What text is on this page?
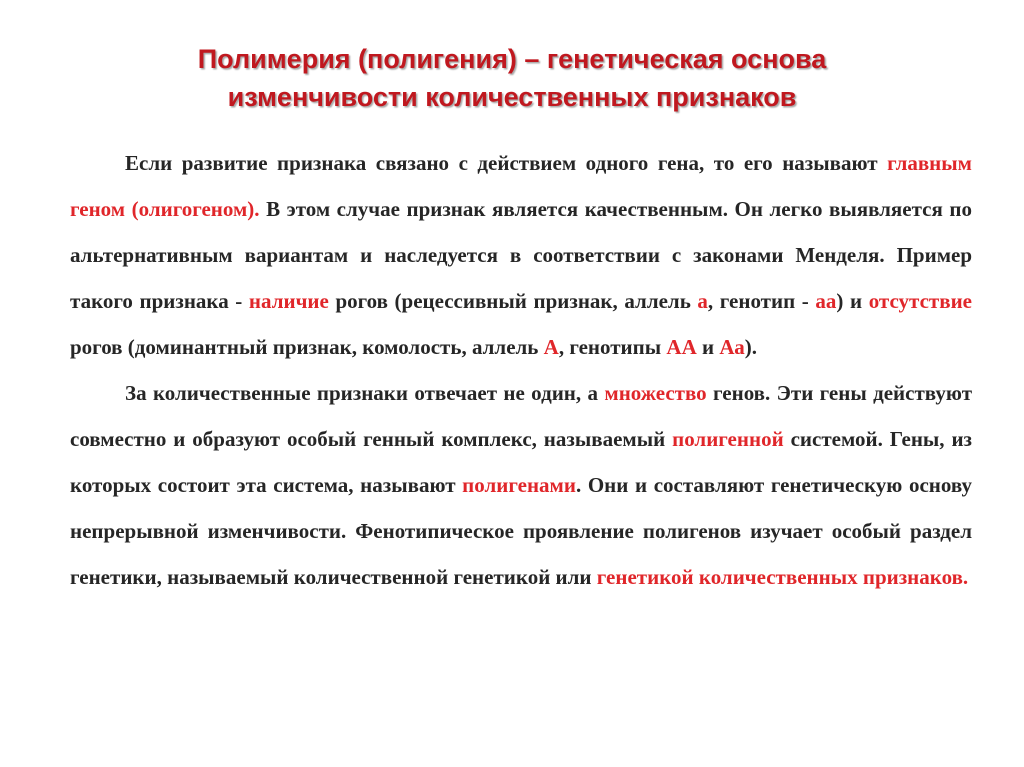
Полимерия (полигения) – генетическая основа
изменчивости количественных признаков

Если развитие признака связано с действием одного гена, то его называют главным геном (олигогеном). В этом случае признак является качественным. Он легко выявляется по альтернативным вариантам и наследуется в соответствии с законами Менделя. Пример такого признака - наличие рогов (рецессивный признак, аллель а, генотип - аа) и отсутствие рогов (доминантный признак, комолость, аллель А, генотипы АА и Аа).

За количественные признаки отвечает не один, а множество генов. Эти гены действуют совместно и образуют особый генный комплекс, называемый полигенной системой. Гены, из которых состоит эта система, называют полигенами. Они и составляют генетическую основу непрерывной изменчивости. Фенотипическое проявление полигенов изучает особый раздел генетики, называемый количественной генетикой или генетикой количественных признаков.
